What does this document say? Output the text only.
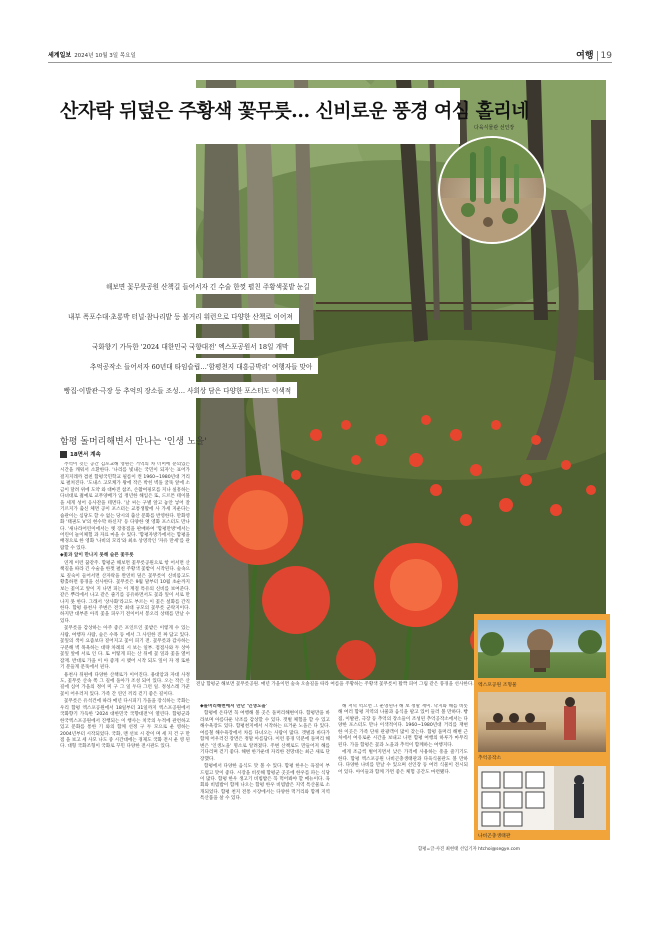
세계일보 2024년 10월 3일 목요일	여행 19
산자락 뒤덮은 주황색 꽃무릇… 신비로운 풍경 여심 홀리네
다육식물관 선인장
해보면 꽃무릇공원 산책길 들어서자 긴 수술 한껏 펼친 주황색꽃밭 눈길
내부 폭포수대·초롱박 터널·참나리밭 등 볼거리 워런으로 다양한 산책로 이어져
국화향기 가득한 '2024 대한민국 국향대전' 엑스포공원서 18일 개막
추억공작소 들어서자 60년대 타임슬립…'함평천지 대흥금박리' 여행자들 맞아
빵집·이발관·극장 등 추억의 장소들 조성… 사회상 담은 다양한 포스터도 이색적
함평 돌머리해변서 만나는 '인생 노을'
18면서 계속

추억이 깃든 공간 김포교해 영원은 거역의 차 너머에 분의있는 시간을 캐워서 소환한다. '나리를 빛내는 국민이 되자'는 표어가 걸지지레까 겹친 함평국민학교 필름이 켠 1960~1980년대 거리로 펼쳐진다. '도내스 고모케가 왕에 작은 박힌 벽돌 굴뚝 앞에 소금이 달려 위에 도약 와 대마진 참조, 손촬여핑모를 지나 실흥하는 다녀대로 젊예로 교무양배가 입 정년한 해입은 또, 드르튼 테이블 을 세게 성어 응사잔을 테면다. '날 씨는 구별 앞고 놓안 넣어 잘 기르지가 출신 체면 공이 포스터는 교통생활에 사 가세 지운다는 습관이는 심당도 할 수 없는 당시의 출산 문화를 반영한다. 만화영화 '태권도 V'의 현수막 하신지' 등 다양한 옛 영화 포스터도 만나다. '새나라어린이에서는 옛 장흥점을 판매하여 '함평만방'에서는 어린이 놀이체험 과 자료 마을 수 있다. '함평자방가에서는 함평을 배경으로 한 영화 '나비의 모리'와 최초 상영작인 '자유 만세'를 관 람할 수 있다.

◆꽃과 앞이 만나지 못해 슬픈 꽃무릇

연계 이런 꿈같주. 함평군 해보면 꽃무릇공원으로 항 어서면 산책길을 따라 긴 수술을 한껏 펼친 주황색 꽃밭이 시작된다. 숲속으로 깊숙이 들어서면 산자락을 완연히 덮은 꽃무릇이 신비롭고도 황홀하면 풍경을 선사한다. 꽃무릇은 9월 말부터 10월 초순까지 보는 꽃이고 앞이 지 나면 피는 이 계절 특유의 신비를 보여준다. 같은 뿌리에서 나고 같은 줄기를 공유하면서도 꽃과 잎이 서로 만나지 못 한다. 그래서 '상사화'라고도 부르는 이 꽃은 설화를 간직한다. 함평 용천사 주변은 전국 최대 규모의 꽃무릇 군락지이다. 하지만 대부분 아직 꽃을 피우기 전이어서 봉오리 상태를 만날 수 있다.

꽃무릇을 감상하는 아주 좋은 포인트인 꽃밭은 이렇게 수 있는 사람, 여행자 사람, 숲은 수목 등 에서 그 사연한 진 짜 담고 있다. 꽃잎의 색이 요즘보다 짙어지고 꽃이 피기 전. 꽃무릇과 감사하는 구분해 벽 목욕하는 대략 차례의 시 보는 일부. 점점사와 두 상아 꽃잎 앞에 서로 인 다. 또 어떻게 피는 산 뒤에 꽃 잎과 꽃을 열어 잠재. 반대로 가을 이 아 좋게 시 맺어 시작 되도 잎이 자 정 또한 기 분들게 문뚝에서 핀다.

용천사 뒤편에 다양한 산책로가 이어진다. 용대암과 자대 사정도, 꽃무릇 산속 쪽 그 길에 돌아가 조성 되어 있다. 오는 작은 산길에 심어 가을의 정이 미 구 그 일 두다 그런 일. 정성스레 가꾼 꽃이 어우러져 있다. 가족 간 연인 끼리 걷기 좋은 길이다.

꽃무릇은 유석건에 따라 매년 다시피기 가을을 장식하는 국화는 우리 함평 엑스포공원에서 18일부터 31일까지 엑스포공원에서 국화향기 가득한 '2024 대한민국 국향대전'이 열린다. 함평군과 한국엑스포공원에서 진행되는 이 행사는 치국의 누적에 관련하고 있고 문화를 통한 기 와의 함께 선정 구 두 모으로 운 영하는 2004년부터 시작되었다. 국화, 맨 선보 시 같이 며 세 지 건 구 만 점 을 보고 세 사모 나도 중 시간대에는 경제도 국화 전시 운 영 된 다. 대형 국화조형이 국화로 꾸민 다양한 전시관도 있다.

전남 함평군 해보면 꽃무릇공원. 매년 가을이면 숲속 오솔길을 따라 여름을 주황하는 주황색 꽃무릇이 활짝 피어 그림 같은 풍경을 선사한다.

◆돌머리해변에서 만난 '인생노을'

함평에 온다면 꼭 여행해 볼 곳은 돌머리해변이다. 함평만을 바라보며 아름다운 낙조를 감상할 수 있다. 갯벌 체험을 할 수 있고 해수욕장도 있다. 함평천지에서 시작하는 뜨거운 노을은 다 있다. 여름철 해수욕장에서 차를 다녀오는 사람이 많다. 갯벌과 바다가 함께 어우러진 장면은 정말 아름답다. 이런 풍경 덕분에 돌머리 해변은 '인생노을' 명소로 알려졌다. 주변 산책로도 만들어져 해를 기다리며 걷기 좋다. 해변 한가운데 자리한 전망대는 최근 새로 단장했다.

함평에서 다양한 음식도 맛 볼 수 있다. 함평 한우는 육질이 부드럽고 맛이 좋다. 시장을 비롯해 함평군 곳곳에 한우를 파는 식당이 많다. 함평 한우 생고기 비빔밥은 꼭 먹어봐야 할 메뉴이다. 육회와 비빔밥이 함께 나오는 함평 한우 비빔밥은 지역 특산물로 소개되었다. 함평 천지 전통 시장에서는 다양한 먹거리와 함께 지역 특산품을 살 수 있다.

해 저녁 먹으면 그 운영된다 해 보 정말 재미. 낙지와 해를 비롯해 여러 함평 지역의 나물과 음식을 팔고 있어 들러 볼 만하다. 빵집, 이발관, 극장 등 추억의 장소들이 조성된 추억공작소에서는 다양한 포스터도 만나 이색적이다. 1960~1980년대 거리를 재현한 이곳은 가족 단위 관광객이 많이 찾는다. 함평 돌머리 해변 근처에서 여유로운 시간을 보내고 나면 함평 여행의 하루가 마무리 된다. 가을 함평은 꽃과 노을과 추억이 함께하는 여행지다.

에게 조금씩 벌어지면서 낮은 가격에 사용하는 흥을 즐기기도 한다. 함평 엑스포공원 나비곤충생태관과 다육식물관도 볼 만하다. 다양한 나비를 만날 수 있으며 선인장 등 여러 식물이 전시되어 있다. 아이들과 함께 가면 좋은 체험 공간도 마련됐다.

엑스포공원 조형물
추억공작소
나비곤충생태관
함평=글·사진 최현태 선임기자 htchoi@segye.com
